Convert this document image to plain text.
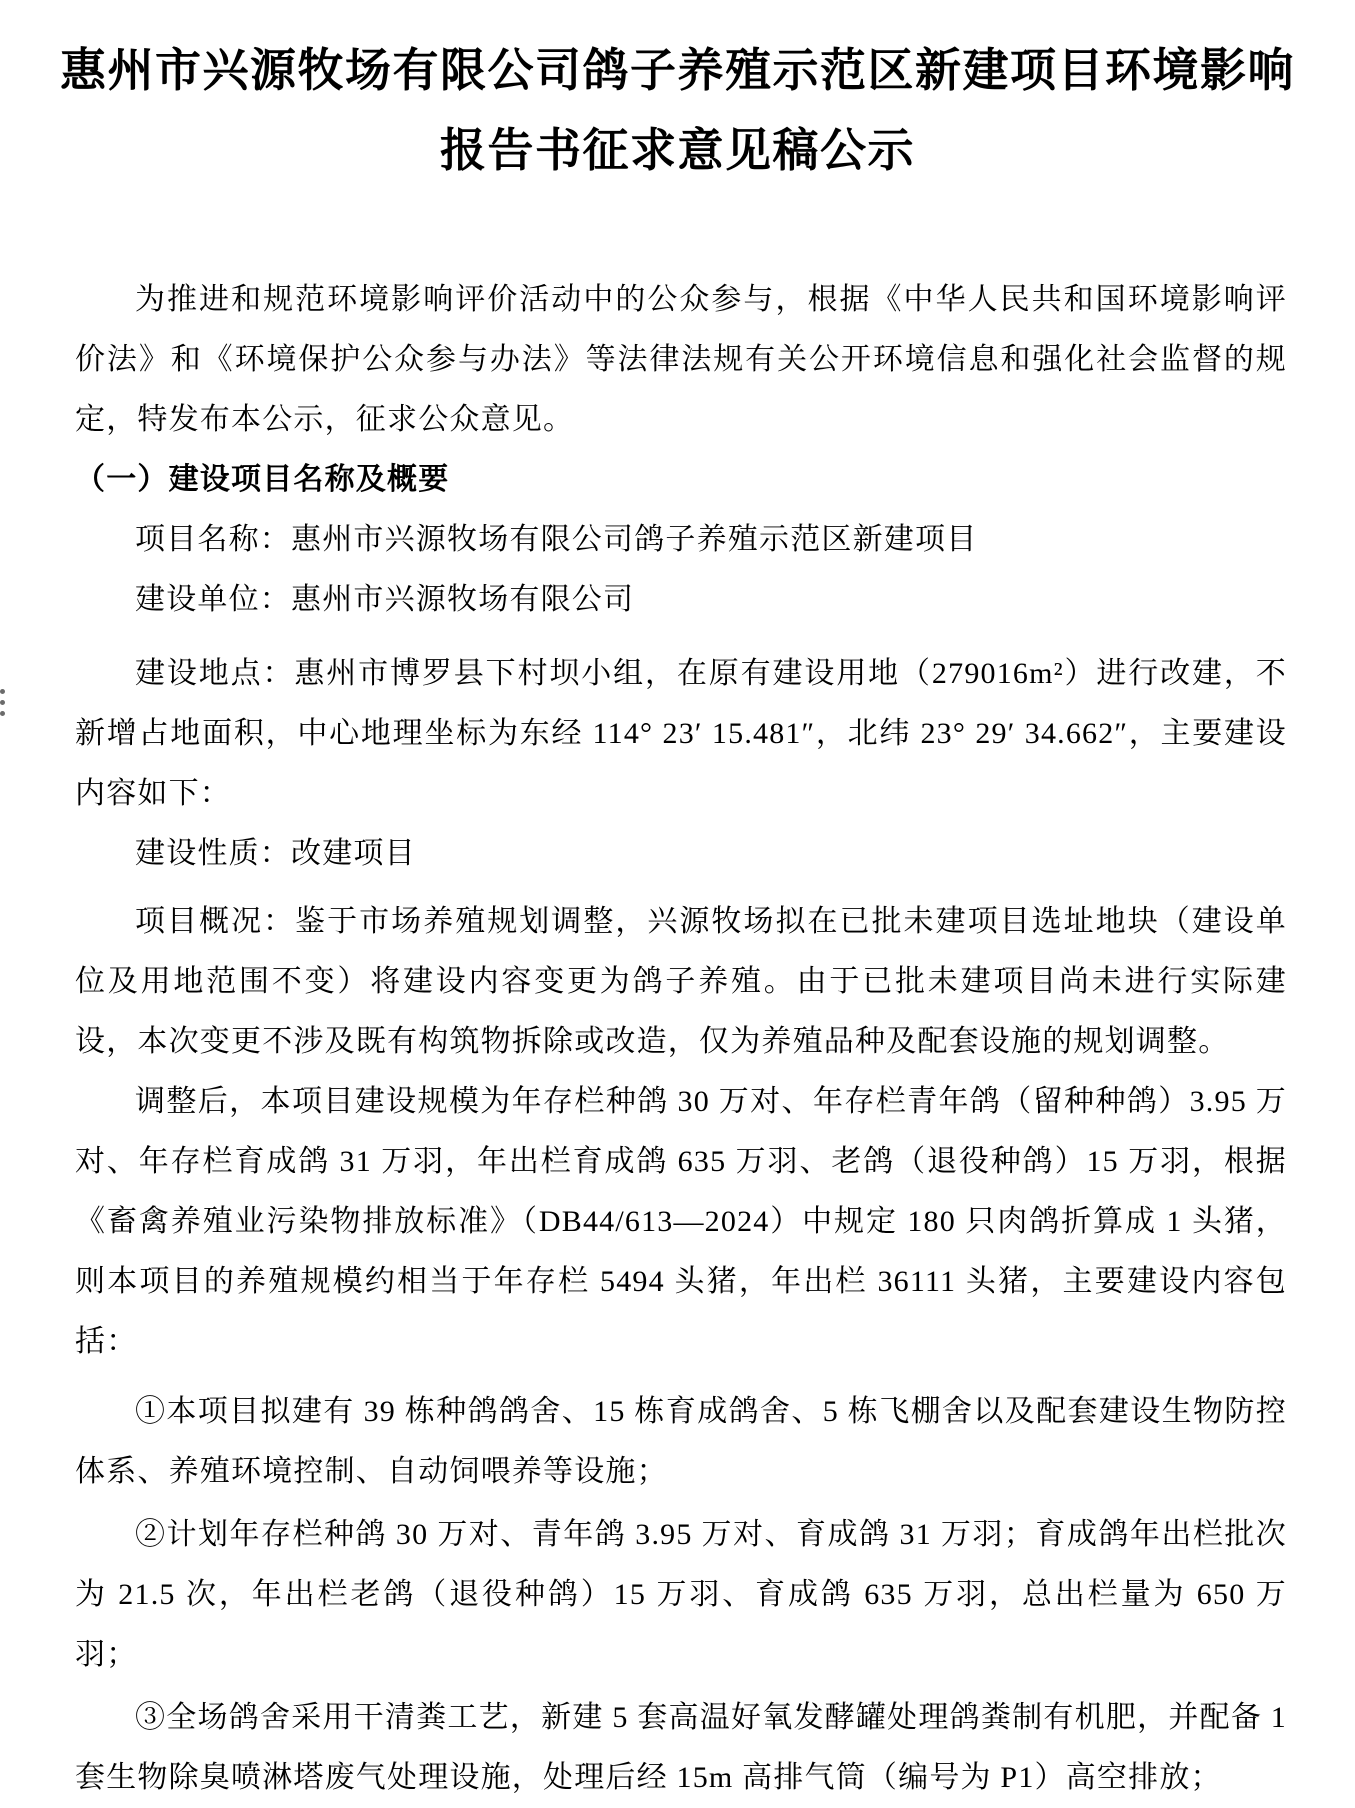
惠州市兴源牧场有限公司鸽子养殖示范区新建项目环境影响
报告书征求意见稿公示

为推进和规范环境影响评价活动中的公众参与，根据《中华人民共和国环境影响评价法》和《环境保护公众参与办法》等法律法规有关公开环境信息和强化社会监督的规定，特发布本公示，征求公众意见。

（一）建设项目名称及概要

项目名称：惠州市兴源牧场有限公司鸽子养殖示范区新建项目

建设单位：惠州市兴源牧场有限公司

建设地点：惠州市博罗县下村坝小组，在原有建设用地（279016m²）进行改建，不新增占地面积，中心地理坐标为东经 114° 23′ 15.481″，北纬 23° 29′ 34.662″，主要建设内容如下：

建设性质：改建项目

项目概况：鉴于市场养殖规划调整，兴源牧场拟在已批未建项目选址地块（建设单位及用地范围不变）将建设内容变更为鸽子养殖。由于已批未建项目尚未进行实际建设，本次变更不涉及既有构筑物拆除或改造，仅为养殖品种及配套设施的规划调整。

调整后，本项目建设规模为年存栏种鸽 30 万对、年存栏青年鸽（留种种鸽）3.95 万对、年存栏育成鸽 31 万羽，年出栏育成鸽 635 万羽、老鸽（退役种鸽）15 万羽，根据《畜禽养殖业污染物排放标准》（DB44/613—2024）中规定 180 只肉鸽折算成 1 头猪，则本项目的养殖规模约相当于年存栏 5494 头猪，年出栏 36111 头猪，主要建设内容包括：

①本项目拟建有 39 栋种鸽鸽舍、15 栋育成鸽舍、5 栋飞棚舍以及配套建设生物防控体系、养殖环境控制、自动饲喂养等设施；

②计划年存栏种鸽 30 万对、青年鸽 3.95 万对、育成鸽 31 万羽；育成鸽年出栏批次为 21.5 次，年出栏老鸽（退役种鸽）15 万羽、育成鸽 635 万羽，总出栏量为 650 万羽；

③全场鸽舍采用干清粪工艺，新建 5 套高温好氧发酵罐处理鸽粪制有机肥，并配备 1 套生物除臭喷淋塔废气处理设施，处理后经 15m 高排气筒（编号为 P1）高空排放；
